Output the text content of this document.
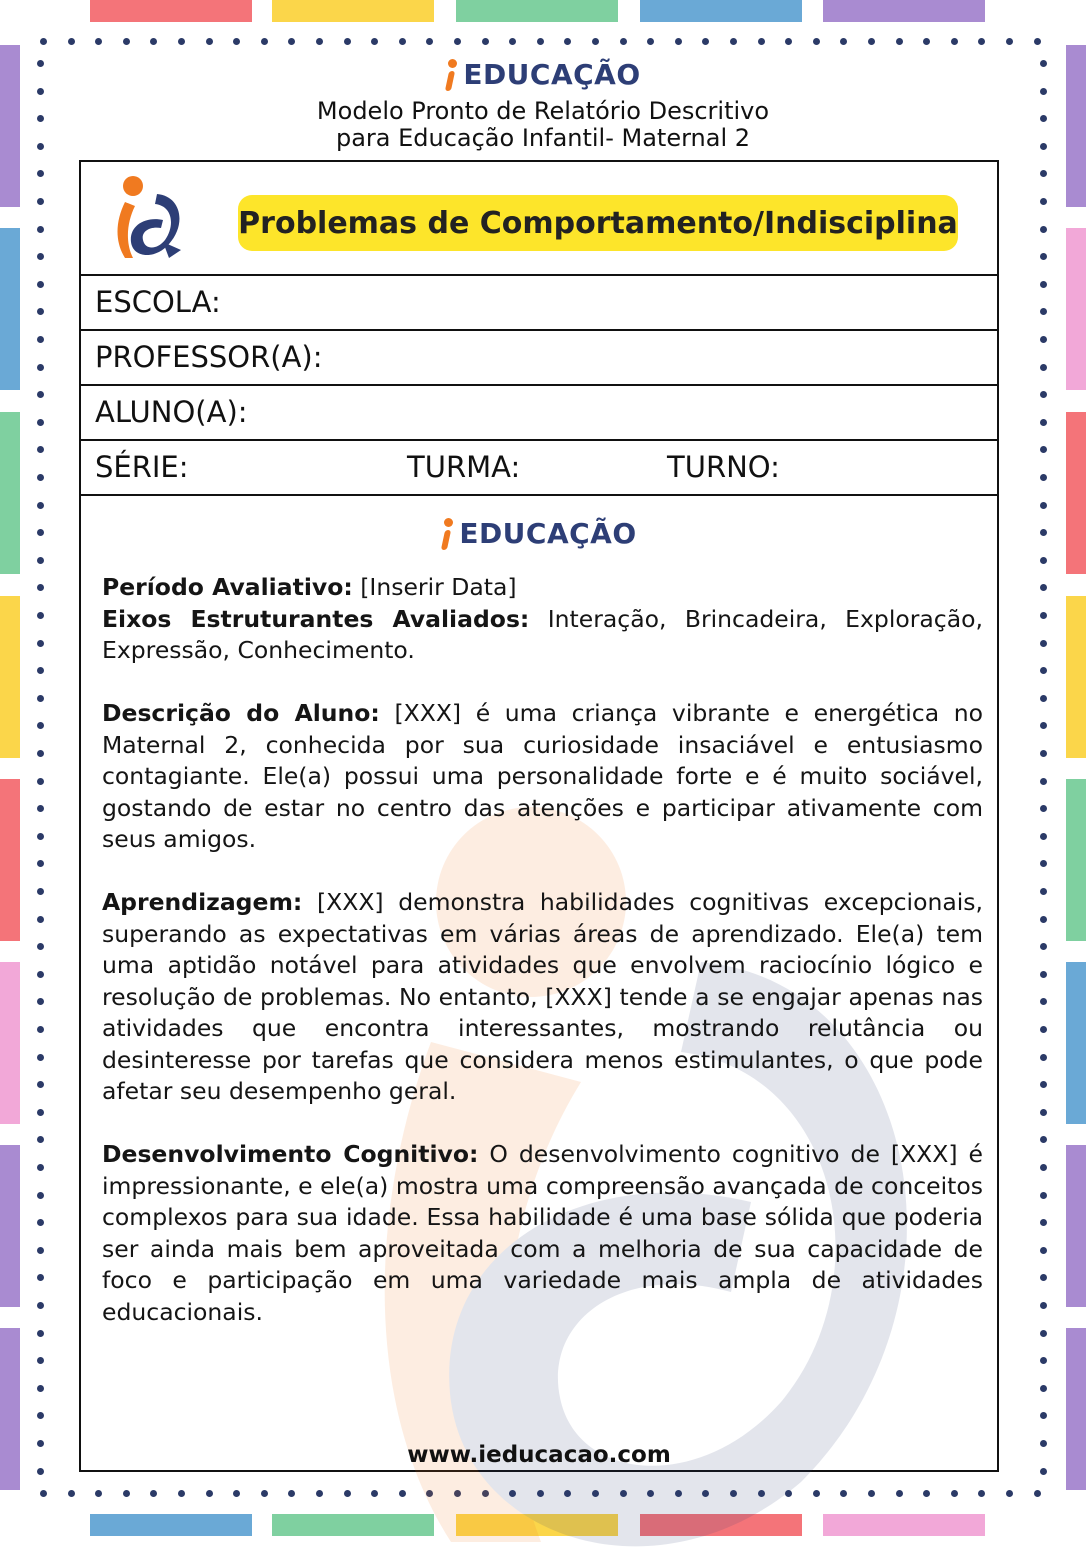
EDUCAÇÃO
Modelo Pronto de Relatório Descritivo
para Educação Infantil- Maternal 2
Problemas de Comportamento/Indisciplina
ESCOLA:
PROFESSOR(A):
ALUNO(A):
SÉRIE:	TURMA:	TURNO:
EDUCAÇÃO

Período Avaliativo: [Inserir Data]

Eixos Estruturantes Avaliados: Interação, Brincadeira, Exploração, Expressão, Conhecimento.

Descrição do Aluno: [XXX] é uma criança vibrante e energética no Maternal 2, conhecida por sua curiosidade insaciável e entusiasmo contagiante. Ele(a) possui uma personalidade forte e é muito sociável, gostando de estar no centro das atenções e participar ativamente com seus amigos.

Aprendizagem: [XXX] demonstra habilidades cognitivas excepcionais, superando as expectativas em várias áreas de aprendizado. Ele(a) tem uma aptidão notável para atividades que envolvem raciocínio lógico e resolução de problemas. No entanto, [XXX] tende a se engajar apenas nas atividades que encontra interessantes, mostrando relutância ou desinteresse por tarefas que considera menos estimulantes, o que pode afetar seu desempenho geral.

Desenvolvimento Cognitivo: O desenvolvimento cognitivo de [XXX] é impressionante, e ele(a) mostra uma compreensão avançada de conceitos complexos para sua idade. Essa habilidade é uma base sólida que poderia ser ainda mais bem aproveitada com a melhoria de sua capacidade de foco e participação em uma variedade mais ampla de atividades educacionais.

www.ieducacao.com
